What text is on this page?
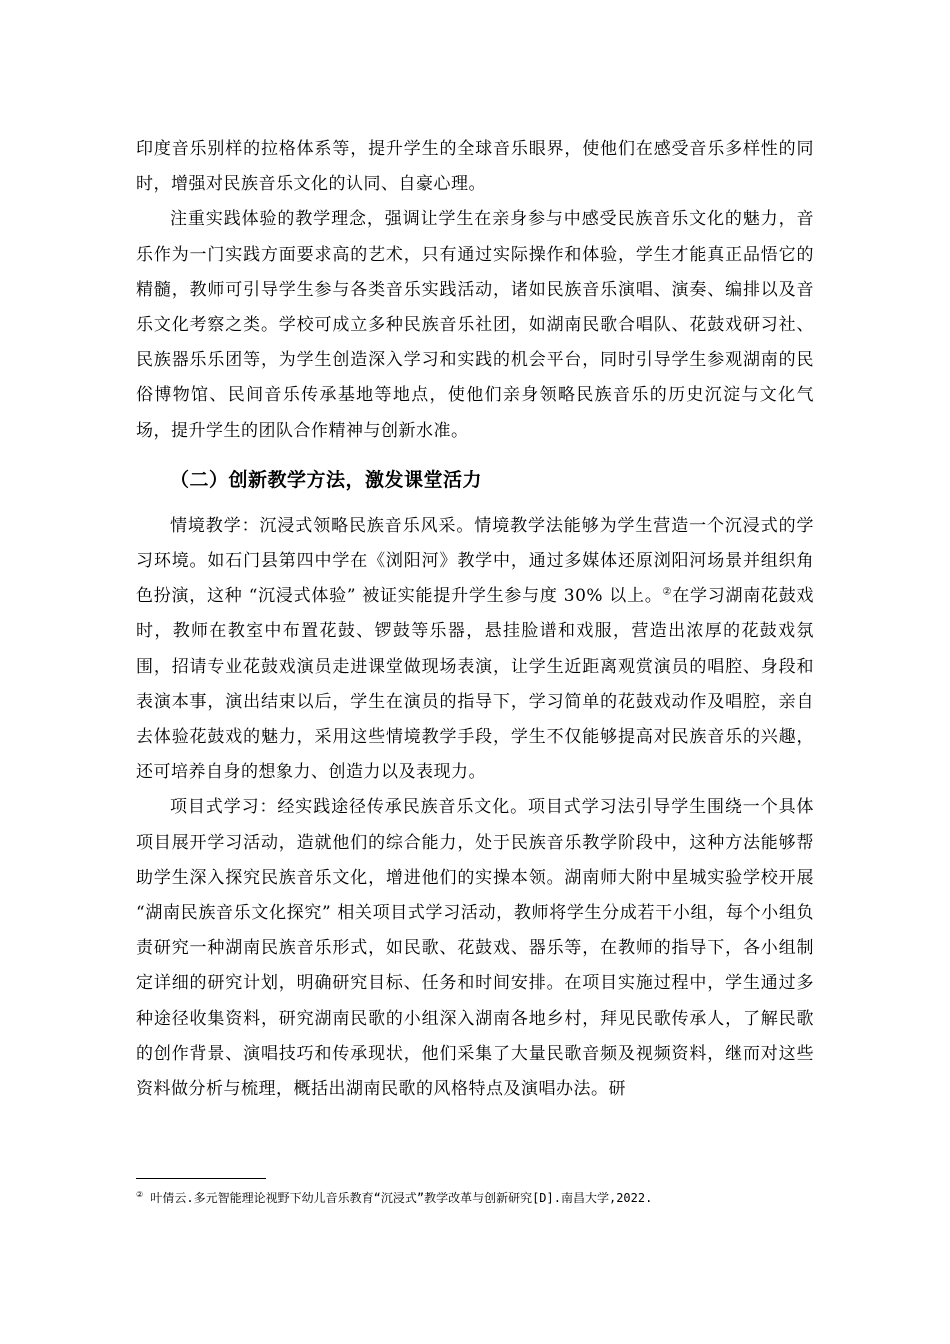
印度音乐别样的拉格体系等，提升学生的全球音乐眼界，使他们在感受音乐多样性的同时，增强对民族音乐文化的认同、自豪心理。

注重实践体验的教学理念，强调让学生在亲身参与中感受民族音乐文化的魅力，音乐作为一门实践方面要求高的艺术，只有通过实际操作和体验，学生才能真正品悟它的精髓，教师可引导学生参与各类音乐实践活动，诸如民族音乐演唱、演奏、编排以及音乐文化考察之类。学校可成立多种民族音乐社团，如湖南民歌合唱队、花鼓戏研习社、民族器乐乐团等，为学生创造深入学习和实践的机会平台，同时引导学生参观湖南的民俗博物馆、民间音乐传承基地等地点，使他们亲身领略民族音乐的历史沉淀与文化气场，提升学生的团队合作精神与创新水准。

（二）创新教学方法，激发课堂活力

情境教学：沉浸式领略民族音乐风采。情境教学法能够为学生营造一个沉浸式的学习环境。如石门县第四中学在《浏阳河》教学中，通过多媒体还原浏阳河场景并组织角色扮演，这种 “沉浸式体验” 被证实能提升学生参与度 30% 以上。②在学习湖南花鼓戏时，教师在教室中布置花鼓、锣鼓等乐器，悬挂脸谱和戏服，营造出浓厚的花鼓戏氛围，招请专业花鼓戏演员走进课堂做现场表演，让学生近距离观赏演员的唱腔、身段和表演本事，演出结束以后，学生在演员的指导下，学习简单的花鼓戏动作及唱腔，亲自去体验花鼓戏的魅力，采用这些情境教学手段，学生不仅能够提高对民族音乐的兴趣，还可培养自身的想象力、创造力以及表现力。

项目式学习：经实践途径传承民族音乐文化。项目式学习法引导学生围绕一个具体项目展开学习活动，造就他们的综合能力，处于民族音乐教学阶段中，这种方法能够帮助学生深入探究民族音乐文化，增进他们的实操本领。湖南师大附中星城实验学校开展 “湖南民族音乐文化探究” 相关项目式学习活动，教师将学生分成若干小组，每个小组负责研究一种湖南民族音乐形式，如民歌、花鼓戏、器乐等，在教师的指导下，各小组制定详细的研究计划，明确研究目标、任务和时间安排。在项目实施过程中，学生通过多种途径收集资料，研究湖南民歌的小组深入湖南各地乡村，拜见民歌传承人，了解民歌的创作背景、演唱技巧和传承现状，他们采集了大量民歌音频及视频资料，继而对这些资料做分析与梳理，概括出湖南民歌的风格特点及演唱办法。研

② 叶倩云.多元智能理论视野下幼儿音乐教育“沉浸式”教学改革与创新研究[D].南昌大学,2022.
